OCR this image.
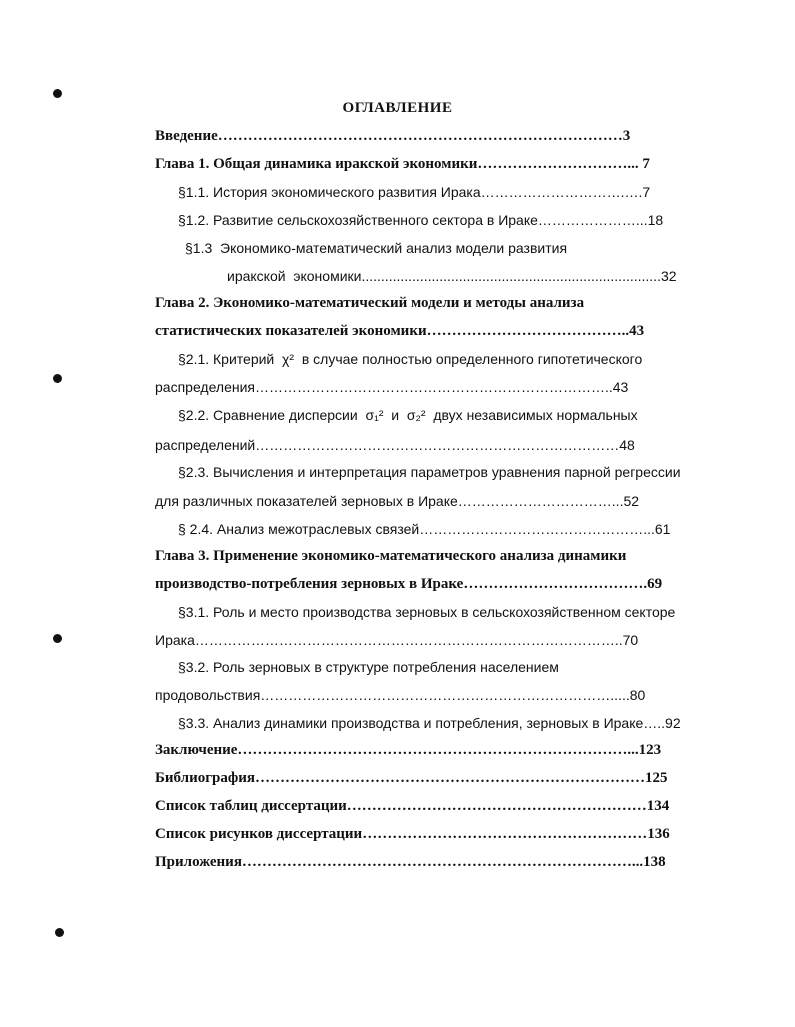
ОГЛАВЛЕНИЕ
Введение………………………………………………………………………3
Глава 1. Общая динамика иракской экономики…………………………... 7
§1.1. История экономического развития Ирака………………………….….7
§1.2. Развитие сельскохозяйственного сектора в Ираке…………………...18
§1.3  Экономико-математический анализ модели развития
иракской  экономики.............................................................................32
Глава 2. Экономико-математический модели и методы анализа
статистических показателей экономики…………………………………..43
§2.1. Критерий  χ²  в случае полностью определенного гипотетического
распределения…………………………………………………………………..43
§2.2. Сравнение дисперсии  σ₁²  и  σ₂²  двух независимых нормальных
распределений……………………………………………………………………48
§2.3. Вычисления и интерпретация параметров уравнения парной регрессии
для различных показателей зерновых в Ираке……………………………...52
§ 2.4. Анализ межотраслевых связей…………………………………………...61
Глава 3. Применение экономико-математического анализа динамики
производство-потребления зерновых в Ираке……………………………….69
§3.1. Роль и место производства зерновых в сельскохозяйственном секторе
Ирака………………………………………………………………………………..70
§3.2. Роль зерновых в структуре потребления населением
продовольствия………………………………………………………………….....80
§3.3. Анализ динамики производства и потребления, зерновых в Ираке…..92
Заключение……………………………………………………………………...123
Библиография……………………………………………………………………125
Список таблиц диссертации……………………………………………………134
Список рисунков диссертации…………………………………………………136
Приложения……………………………………………………………………...138
